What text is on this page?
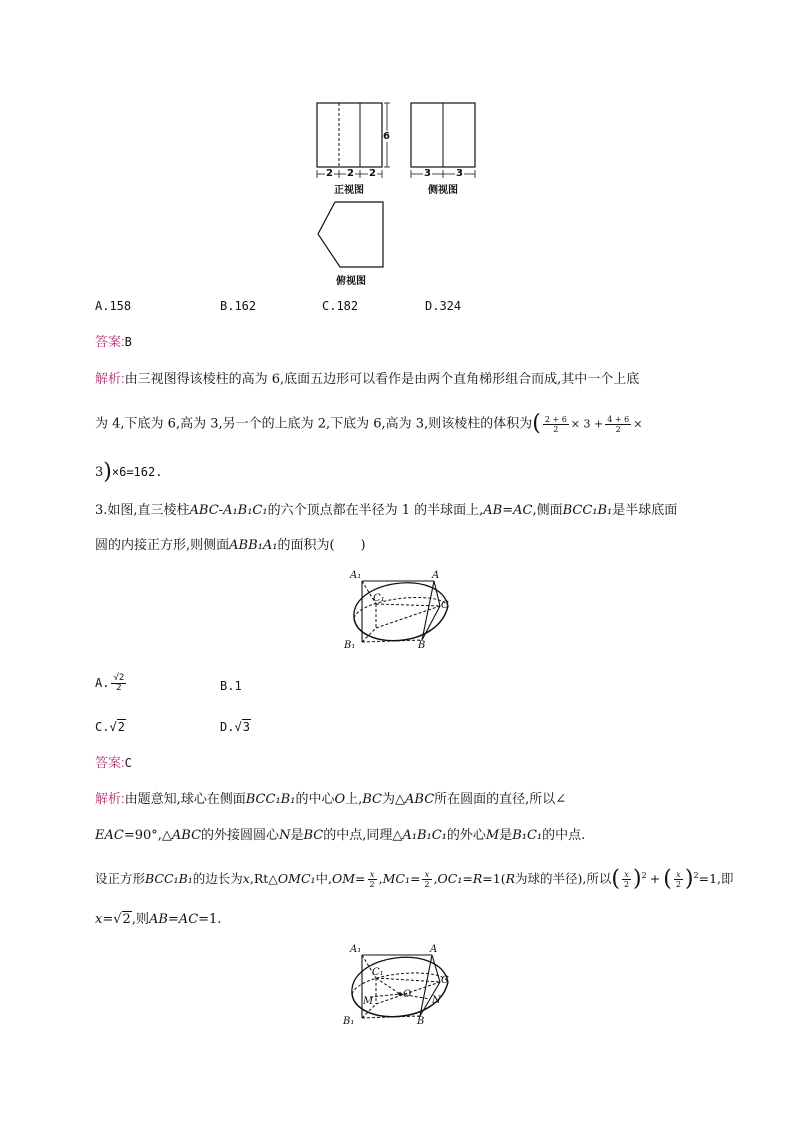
6
2 2 2	3	3
正视图	侧视图
俯视图
A.158	B.162	C.182	D.324
答案:B
解析:由三视图得该棱柱的高为 6,底面五边形可以看作是由两个直角梯形组合而成,其中一个上底
为 4,下底为 6,高为 3,另一个的上底为 2,下底为 6,高为 3,则该棱柱的体积为( $\frac{2 + 6}{2} \times 3 + \frac{4 + 6}{2}$ ×
3)×6=162.
3.如图,直三棱柱ABC-A₁B₁C₁的六个顶点都在半径为 1 的半球面上,AB=AC,侧面BCC₁B₁是半球底面
圆的内接正方形,则侧面ABB₁A₁的面积为(　　)
A₁	A
C₁
C
B₁	B
A. $\frac{√2}{2}$	B.1
C.√2	D.√3
答案:C
解析:由题意知,球心在侧面BCC₁B₁的中心O上,BC为△ABC所在圆面的直径,所以∠
EAC=90°,△ABC的外接圆圆心N是BC的中点,同理△A₁B₁C₁的外心M是B₁C₁的中点.
设正方形BCC₁B₁的边长为x,Rt△OMC₁中$,OM= \frac{x}{2} ,MC_1= \frac{x}{2} ,OC_1=R=1(R$为球的半径),所以( $\frac{x}{2} )^2$ + ( $\frac{x}{2} )^2=1$,即
x=√2,则AB=AC=1.
A₁	A
C₁
C
M
O
N
B₁	B
